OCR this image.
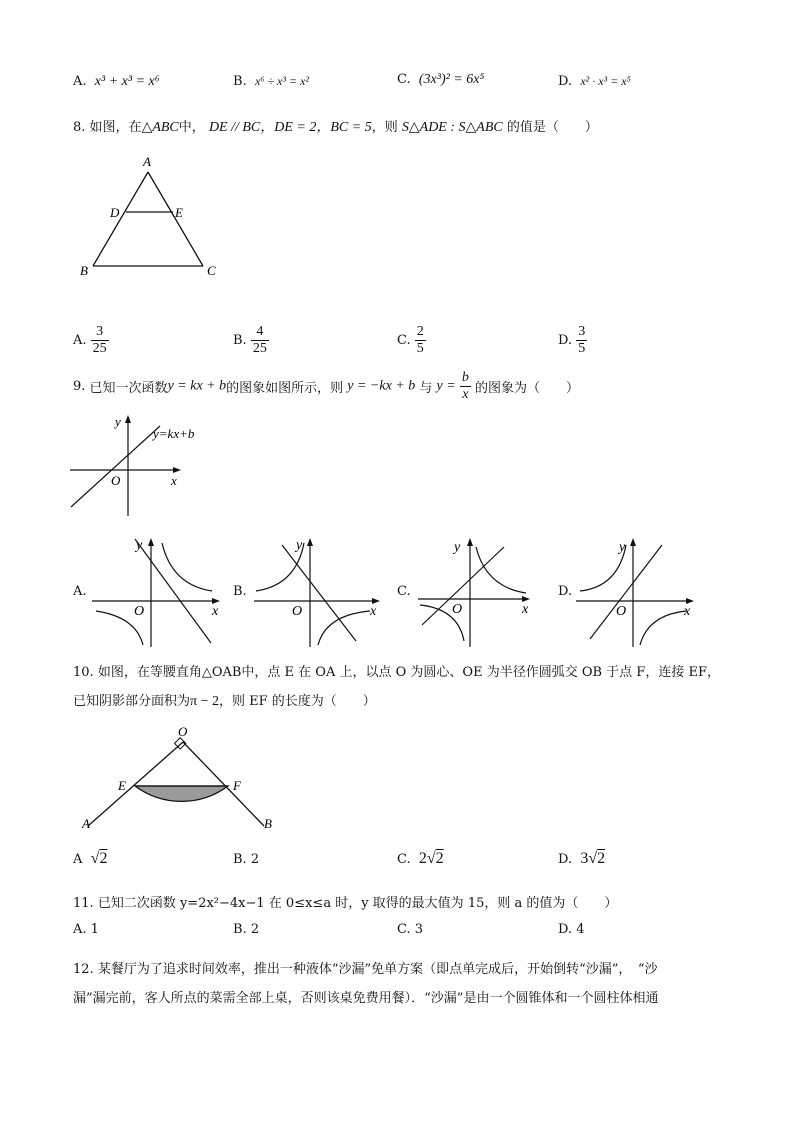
A. x³ + x³ = x⁶	B. x⁶ ÷ x³ = x²	C. (3x³)² = 6x⁵	D. x² · x³ = x⁵
8. 如图，在△ABC中， DE // BC，DE = 2，BC = 5，则 S△ADE : S△ABC 的值是（　　）
A
D	E
B	C
A. $\frac{3}{25}$	B. $\frac{4}{25}$	C. $\frac{2}{5}$	D. $\frac{3}{5}$
9. 已知一次函数y = kx + b的图象如图所示，则 y = −kx + b 与 $y = \frac{b}{x}$ 的图象为（　　）
y
x
O
y=kx+b
A.
y
x
O
B.
y
x
O
C.
y
x
O
D.
y
x
O
10. 如图，在等腰直角△OAB中，点 E 在 OA 上，以点 O 为圆心、OE 为半径作圆弧交 OB 于点 F，连接 EF，
已知阴影部分面积为π − 2，则 EF 的长度为（　　）
O
E	F
A	B
A √2	B. 2	C. 2√2	D. 3√2
11. 已知二次函数 y=2x²−4x−1 在 0≤x≤a 时，y 取得的最大值为 15，则 a 的值为（　　）
A. 1	B. 2	C. 3	D. 4
12. 某餐厅为了追求时间效率，推出一种液体“沙漏”免单方案（即点单完成后，开始倒转“沙漏”，　“沙
漏”漏完前，客人所点的菜需全部上桌，否则该桌免费用餐）．“沙漏”是由一个圆锥体和一个圆柱体相通
